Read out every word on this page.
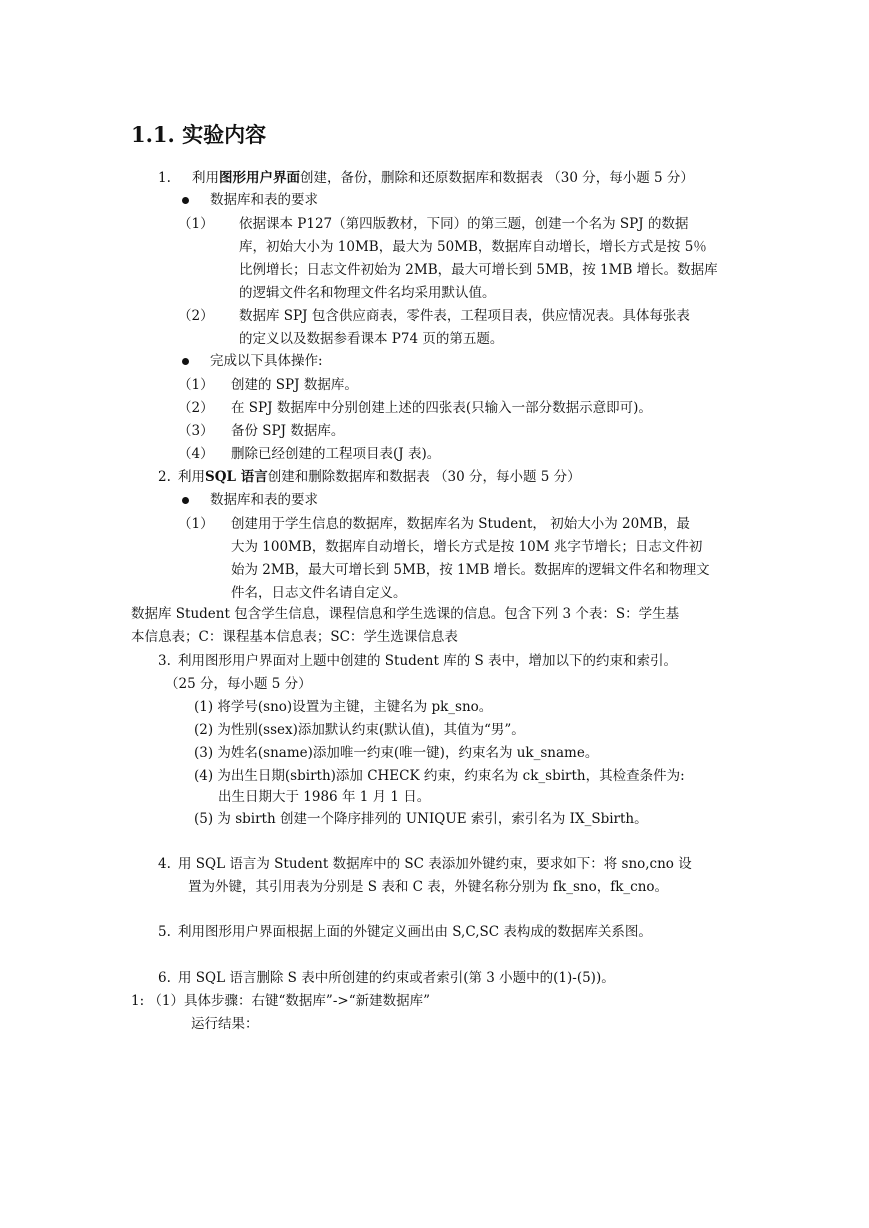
1.1. 实验内容
1. 利用图形用户界面创建，备份，删除和还原数据库和数据表 （30 分，每小题 5 分）
数据库和表的要求
（1） 依据课本 P127（第四版教材，下同）的第三题，创建一个名为 SPJ 的数据
库，初始大小为 10MB，最大为 50MB，数据库自动增长，增长方式是按 5％
比例增长；日志文件初始为 2MB，最大可增长到 5MB，按 1MB 增长。数据库
的逻辑文件名和物理文件名均采用默认值。
（2） 数据库 SPJ 包含供应商表，零件表，工程项目表，供应情况表。具体每张表
的定义以及数据参看课本 P74 页的第五题。
完成以下具体操作:
（1） 创建的 SPJ 数据库。
（2） 在 SPJ 数据库中分别创建上述的四张表(只输入一部分数据示意即可)。
（3） 备份 SPJ 数据库。
（4） 删除已经创建的工程项目表(J 表)。
2. 利用SQL 语言创建和删除数据库和数据表 （30 分，每小题 5 分）
数据库和表的要求
（1） 创建用于学生信息的数据库，数据库名为 Student， 初始大小为 20MB，最
大为 100MB，数据库自动增长，增长方式是按 10M 兆字节增长；日志文件初
始为 2MB，最大可增长到 5MB，按 1MB 增长。数据库的逻辑文件名和物理文
件名，日志文件名请自定义。
数据库 Student 包含学生信息，课程信息和学生选课的信息。包含下列 3 个表：S：学生基
本信息表；C：课程基本信息表；SC：学生选课信息表
3. 利用图形用户界面对上题中创建的 Student 库的 S 表中，增加以下的约束和索引。
（25 分，每小题 5 分）
(1) 将学号(sno)设置为主键，主键名为 pk_sno。
(2) 为性别(ssex)添加默认约束(默认值)，其值为“男”。
(3) 为姓名(sname)添加唯一约束(唯一键)，约束名为 uk_sname。
(4) 为出生日期(sbirth)添加 CHECK 约束，约束名为 ck_sbirth，其检查条件为:
出生日期大于 1986 年 1 月 1 日。
(5) 为 sbirth 创建一个降序排列的 UNIQUE 索引，索引名为 IX_Sbirth。
4. 用 SQL 语言为 Student 数据库中的 SC 表添加外键约束，要求如下：将 sno,cno 设
置为外键，其引用表为分别是 S 表和 C 表，外键名称分别为 fk_sno，fk_cno。
5. 利用图形用户界面根据上面的外键定义画出由 S,C,SC 表构成的数据库关系图。
6. 用 SQL 语言删除 S 表中所创建的约束或者索引(第 3 小题中的(1)-(5))。
1: （1）具体步骤：右键“数据库”->“新建数据库”
运行结果：
